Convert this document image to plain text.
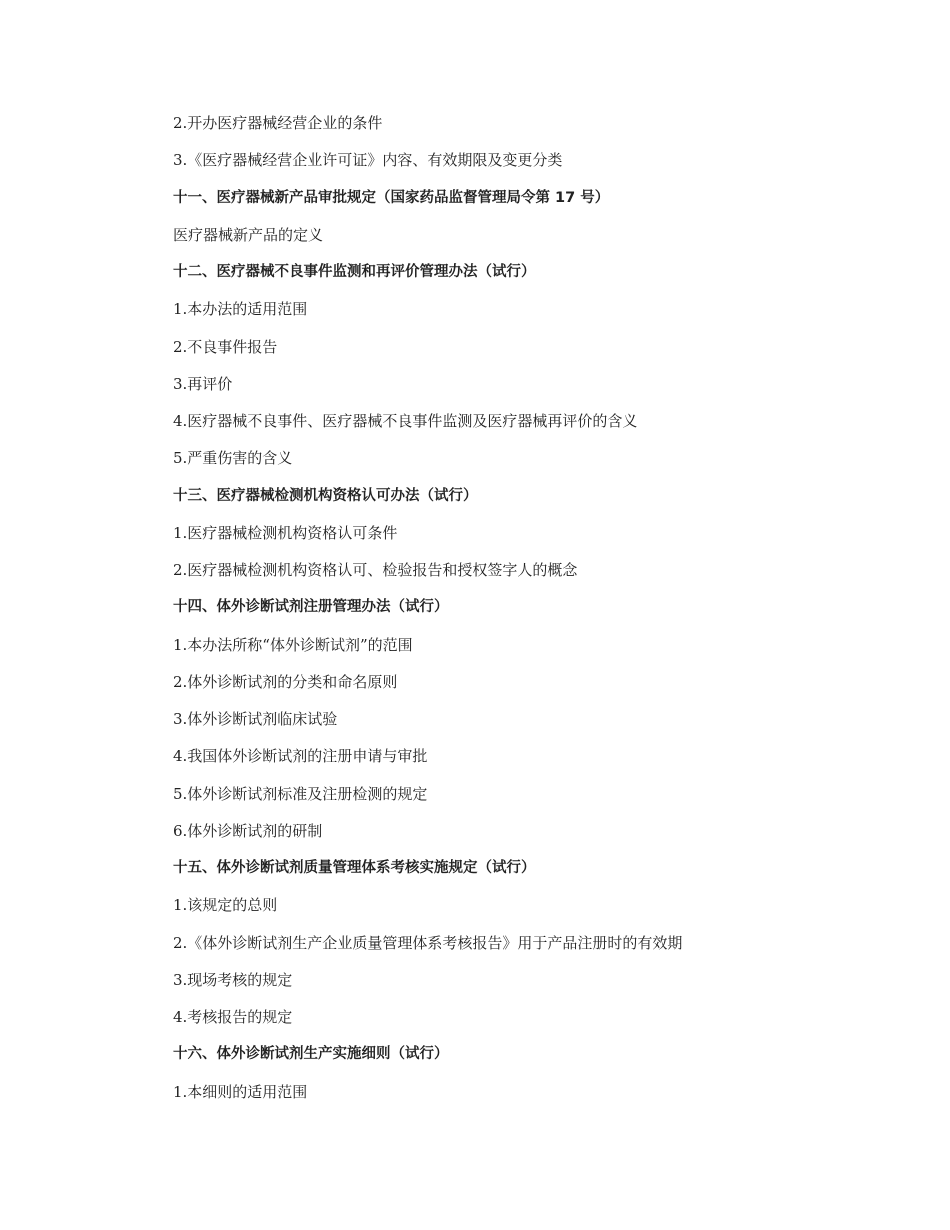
2.开办医疗器械经营企业的条件
3.《医疗器械经营企业许可证》内容、有效期限及变更分类
十一、医疗器械新产品审批规定（国家药品监督管理局令第 17 号）
医疗器械新产品的定义
十二、医疗器械不良事件监测和再评价管理办法（试行）
1.本办法的适用范围
2.不良事件报告
3.再评价
4.医疗器械不良事件、医疗器械不良事件监测及医疗器械再评价的含义
5.严重伤害的含义
十三、医疗器械检测机构资格认可办法（试行）
1.医疗器械检测机构资格认可条件
2.医疗器械检测机构资格认可、检验报告和授权签字人的概念
十四、体外诊断试剂注册管理办法（试行）
1.本办法所称“体外诊断试剂”的范围
2.体外诊断试剂的分类和命名原则
3.体外诊断试剂临床试验
4.我国体外诊断试剂的注册申请与审批
5.体外诊断试剂标准及注册检测的规定
6.体外诊断试剂的研制
十五、体外诊断试剂质量管理体系考核实施规定（试行）
1.该规定的总则
2.《体外诊断试剂生产企业质量管理体系考核报告》用于产品注册时的有效期
3.现场考核的规定
4.考核报告的规定
十六、体外诊断试剂生产实施细则（试行）
1.本细则的适用范围
